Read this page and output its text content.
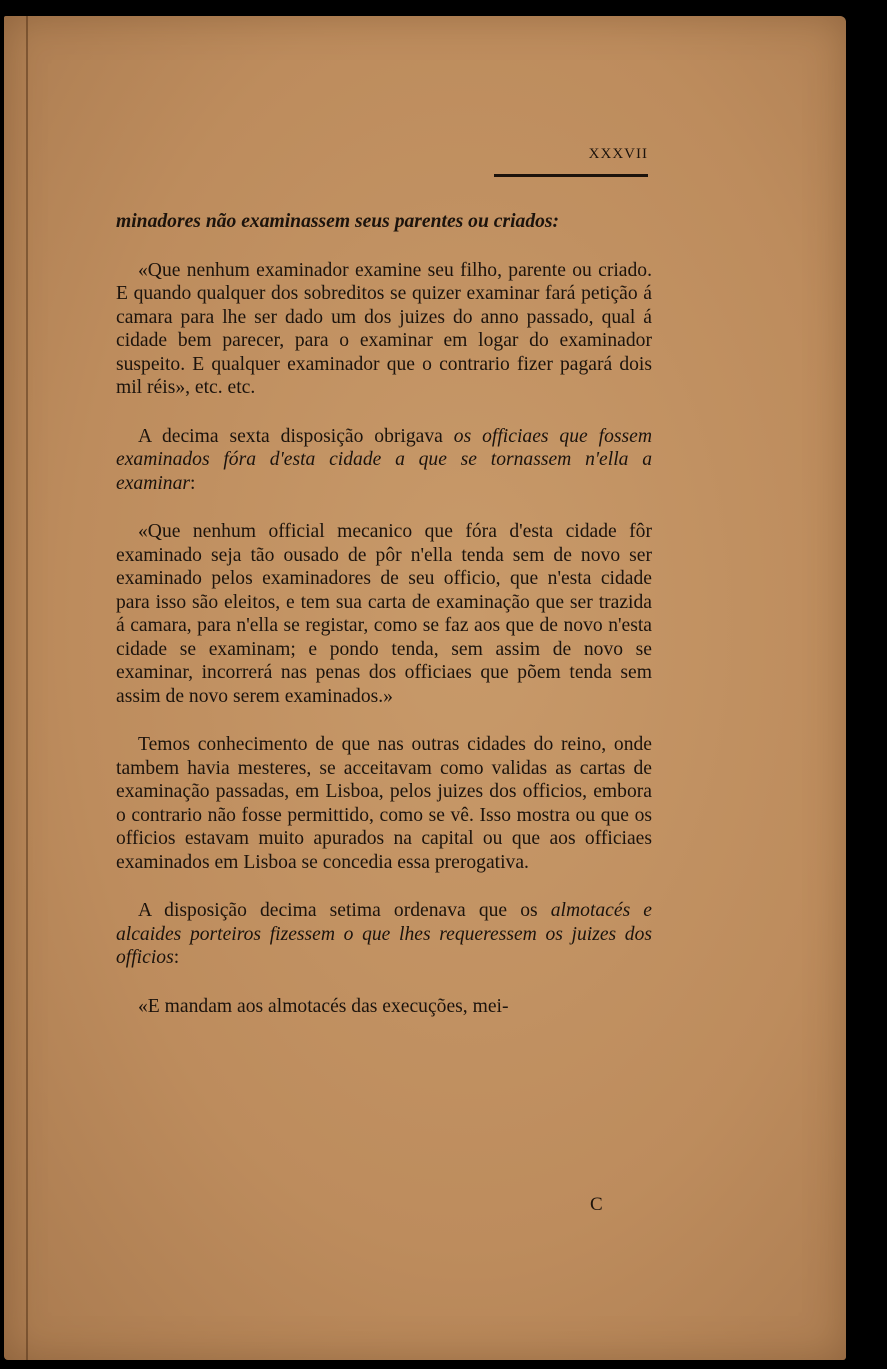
XXXVII

minadores não examinassem seus parentes ou criados:

«Que nenhum examinador examine seu filho, parente ou criado. E quando qualquer dos sobreditos se quizer examinar fará petição á camara para lhe ser dado um dos juizes do anno passado, qual á cidade bem parecer, para o examinar em logar do examinador suspeito. E qualquer examinador que o contrario fizer pagará dois mil réis», etc. etc.

A decima sexta disposição obrigava os officiaes que fossem examinados fóra d'esta cidade a que se tornassem n'ella a examinar:

«Que nenhum official mecanico que fóra d'esta cidade fôr examinado seja tão ousado de pôr n'ella tenda sem de novo ser examinado pelos examinadores de seu officio, que n'esta cidade para isso são eleitos, e tem sua carta de examinação que ser trazida á camara, para n'ella se registar, como se faz aos que de novo n'esta cidade se examinam; e pondo tenda, sem assim de novo se examinar, incorrerá nas penas dos officiaes que põem tenda sem assim de novo serem examinados.»

Temos conhecimento de que nas outras cidades do reino, onde tambem havia mesteres, se acceitavam como validas as cartas de examinação passadas, em Lisboa, pelos juizes dos officios, embora o contrario não fosse permittido, como se vê. Isso mostra ou que os officios estavam muito apurados na capital ou que aos officiaes examinados em Lisboa se concedia essa prerogativa.

A disposição decima setima ordenava que os almotacés e alcaides porteiros fizessem o que lhes requeressem os juizes dos officios:

«E mandam aos almotacés das execuções, mei-

C
